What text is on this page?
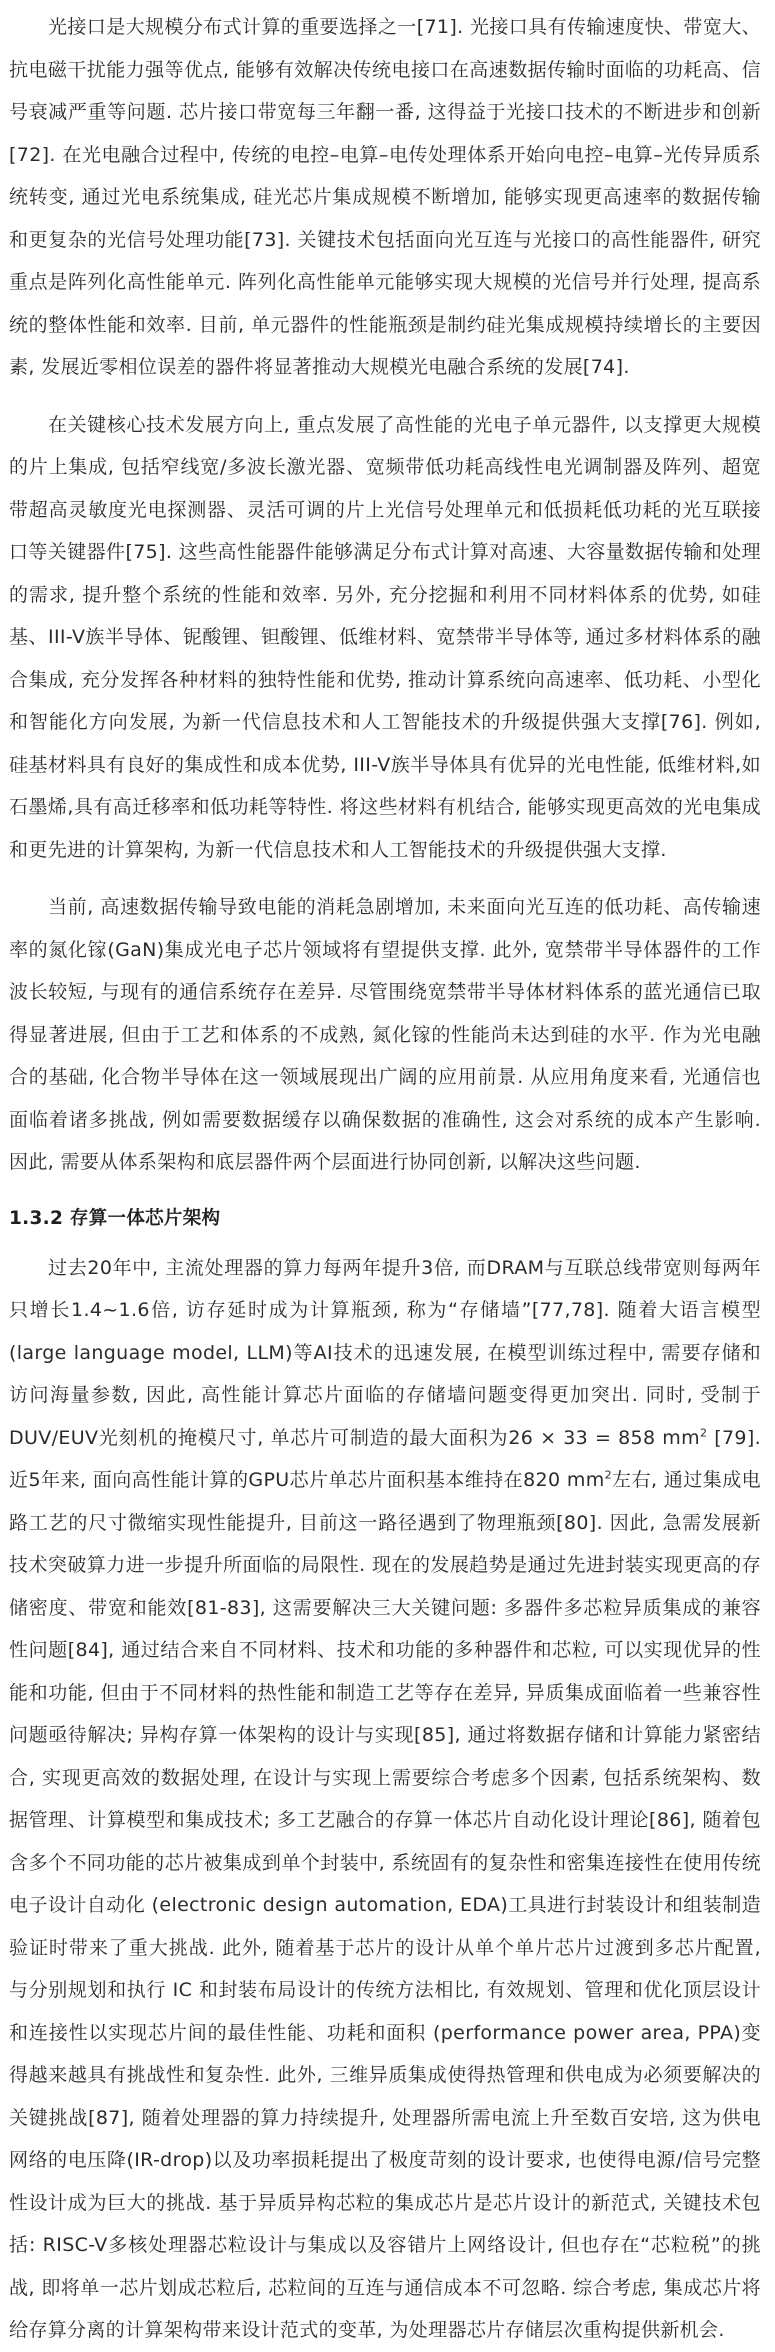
光接口是大规模分布式计算的重要选择之一[71]. 光接口具有传输速度快、带宽大、抗电磁干扰能力强等优点, 能够有效解决传统电接口在高速数据传输时面临的功耗高、信号衰减严重等问题. 芯片接口带宽每三年翻一番, 这得益于光接口技术的不断进步和创新[72]. 在光电融合过程中, 传统的电控–电算–电传处理体系开始向电控–电算–光传异质系统转变, 通过光电系统集成, 硅光芯片集成规模不断增加, 能够实现更高速率的数据传输和更复杂的光信号处理功能[73]. 关键技术包括面向光互连与光接口的高性能器件, 研究重点是阵列化高性能单元. 阵列化高性能单元能够实现大规模的光信号并行处理, 提高系统的整体性能和效率. 目前, 单元器件的性能瓶颈是制约硅光集成规模持续增长的主要因素, 发展近零相位误差的器件将显著推动大规模光电融合系统的发展[74].

在关键核心技术发展方向上, 重点发展了高性能的光电子单元器件, 以支撑更大规模的片上集成, 包括窄线宽/多波长激光器、宽频带低功耗高线性电光调制器及阵列、超宽带超高灵敏度光电探测器、灵活可调的片上光信号处理单元和低损耗低功耗的光互联接口等关键器件[75]. 这些高性能器件能够满足分布式计算对高速、大容量数据传输和处理的需求, 提升整个系统的性能和效率. 另外, 充分挖掘和利用不同材料体系的优势, 如硅基、III-V族半导体、铌酸锂、钽酸锂、低维材料、宽禁带半导体等, 通过多材料体系的融合集成, 充分发挥各种材料的独特性能和优势, 推动计算系统向高速率、低功耗、小型化和智能化方向发展, 为新一代信息技术和人工智能技术的升级提供强大支撑[76]. 例如, 硅基材料具有良好的集成性和成本优势, III-V族半导体具有优异的光电性能, 低维材料,如石墨烯,具有高迁移率和低功耗等特性. 将这些材料有机结合, 能够实现更高效的光电集成和更先进的计算架构, 为新一代信息技术和人工智能技术的升级提供强大支撑.

当前, 高速数据传输导致电能的消耗急剧增加, 未来面向光互连的低功耗、高传输速率的氮化镓(GaN)集成光电子芯片领域将有望提供支撑. 此外, 宽禁带半导体器件的工作波长较短, 与现有的通信系统存在差异. 尽管围绕宽禁带半导体材料体系的蓝光通信已取得显著进展, 但由于工艺和体系的不成熟, 氮化镓的性能尚未达到硅的水平. 作为光电融合的基础, 化合物半导体在这一领域展现出广阔的应用前景. 从应用角度来看, 光通信也面临着诸多挑战, 例如需要数据缓存以确保数据的准确性, 这会对系统的成本产生影响. 因此, 需要从体系架构和底层器件两个层面进行协同创新, 以解决这些问题.

1.3.2 存算一体芯片架构

过去20年中, 主流处理器的算力每两年提升3倍, 而DRAM与互联总线带宽则每两年只增长1.4~1.6倍, 访存延时成为计算瓶颈, 称为“存储墙”[77,78]. 随着大语言模型(large language model, LLM)等AI技术的迅速发展, 在模型训练过程中, 需要存储和访问海量参数, 因此, 高性能计算芯片面临的存储墙问题变得更加突出. 同时, 受制于DUV/EUV光刻机的掩模尺寸, 单芯片可制造的最大面积为26 × 33 = 858 $mm^2$ [79]. 近5年来, 面向高性能计算的GPU芯片单芯片面积基本维持在820 $mm^2$左右, 通过集成电路工艺的尺寸微缩实现性能提升, 目前这一路径遇到了物理瓶颈[80]. 因此, 急需发展新技术突破算力进一步提升所面临的局限性. 现在的发展趋势是通过先进封装实现更高的存储密度、带宽和能效[81-83], 这需要解决三大关键问题: 多器件多芯粒异质集成的兼容性问题[84], 通过结合来自不同材料、技术和功能的多种器件和芯粒, 可以实现优异的性能和功能, 但由于不同材料的热性能和制造工艺等存在差异, 异质集成面临着一些兼容性问题亟待解决; 异构存算一体架构的设计与实现[85], 通过将数据存储和计算能力紧密结合, 实现更高效的数据处理, 在设计与实现上需要综合考虑多个因素, 包括系统架构、数据管理、计算模型和集成技术; 多工艺融合的存算一体芯片自动化设计理论[86], 随着包含多个不同功能的芯片被集成到单个封装中, 系统固有的复杂性和密集连接性在使用传统电子设计自动化 (electronic design automation, EDA)工具进行封装设计和组装制造验证时带来了重大挑战. 此外, 随着基于芯片的设计从单个单片芯片过渡到多芯片配置, 与分别规划和执行 IC 和封装布局设计的传统方法相比, 有效规划、管理和优化顶层设计和连接性以实现芯片间的最佳性能、功耗和面积 (performance power area, PPA)变得越来越具有挑战性和复杂性. 此外, 三维异质集成使得热管理和供电成为必须要解决的关键挑战[87], 随着处理器的算力持续提升, 处理器所需电流上升至数百安培, 这为供电网络的电压降(IR-drop)以及功率损耗提出了极度苛刻的设计要求, 也使得电源/信号完整性设计成为巨大的挑战. 基于异质异构芯粒的集成芯片是芯片设计的新范式, 关键技术包括: RISC-V多核处理器芯粒设计与集成以及容错片上网络设计, 但也存在“芯粒税”的挑战, 即将单一芯片划成芯粒后, 芯粒间的互连与通信成本不可忽略. 综合考虑, 集成芯片将给存算分离的计算架构带来设计范式的变革, 为处理器芯片存储层次重构提供新机会.
